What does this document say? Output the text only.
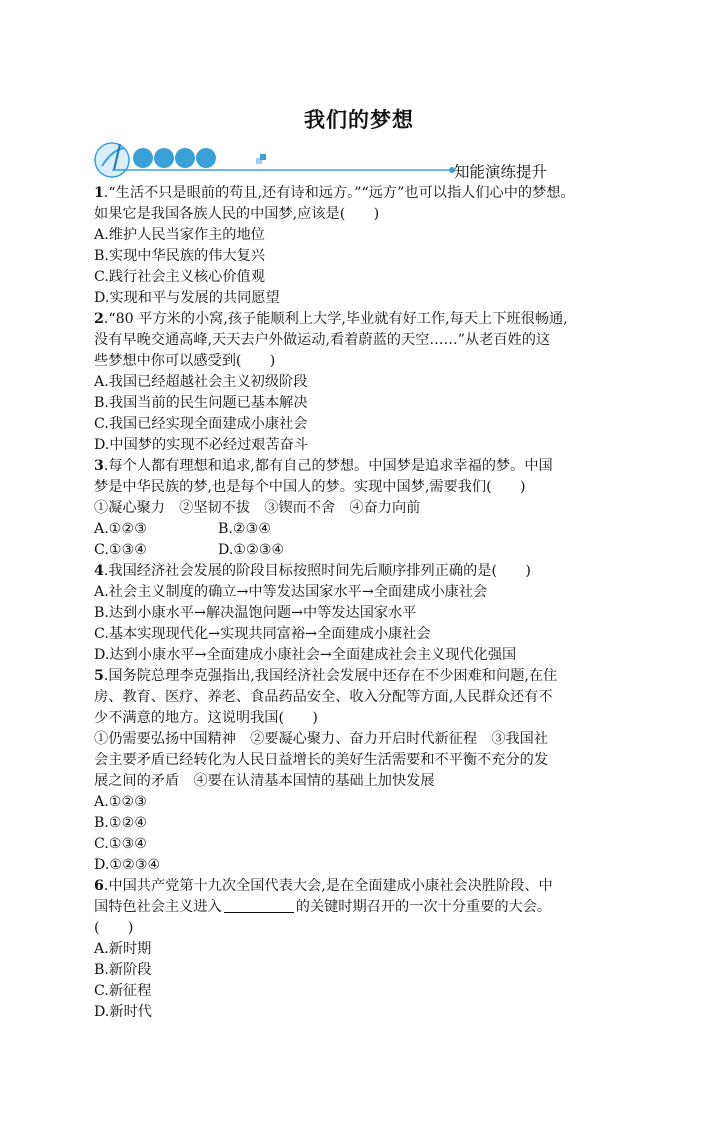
我们的梦想
知能演练提升
1.“生活不只是眼前的苟且,还有诗和远方。”“远方”也可以指人们心中的梦想。
如果它是我国各族人民的中国梦,应该是(　　)
A.维护人民当家作主的地位
B.实现中华民族的伟大复兴
C.践行社会主义核心价值观
D.实现和平与发展的共同愿望
2.“80 平方米的小窝,孩子能顺利上大学,毕业就有好工作,每天上下班很畅通,
没有早晚交通高峰,天天去户外做运动,看着蔚蓝的天空……”从老百姓的这
些梦想中你可以感受到(　　)
A.我国已经超越社会主义初级阶段
B.我国当前的民生问题已基本解决
C.我国已经实现全面建成小康社会
D.中国梦的实现不必经过艰苦奋斗
3.每个人都有理想和追求,都有自己的梦想。中国梦是追求幸福的梦。中国
梦是中华民族的梦,也是每个中国人的梦。实现中国梦,需要我们(　　)
①凝心聚力　②坚韧不拔　③锲而不舍　④奋力向前
A.①②③	B.②③④
C.①③④	D.①②③④
4.我国经济社会发展的阶段目标按照时间先后顺序排列正确的是(　　)
A.社会主义制度的确立→中等发达国家水平→全面建成小康社会
B.达到小康水平→解决温饱问题→中等发达国家水平
C.基本实现现代化→实现共同富裕→全面建成小康社会
D.达到小康水平→全面建成小康社会→全面建成社会主义现代化强国
5.国务院总理李克强指出,我国经济社会发展中还存在不少困难和问题,在住
房、教育、医疗、养老、食品药品安全、收入分配等方面,人民群众还有不
少不满意的地方。这说明我国(　　)
①仍需要弘扬中国精神　②要凝心聚力、奋力开启时代新征程　③我国社
会主要矛盾已经转化为人民日益增长的美好生活需要和不平衡不充分的发
展之间的矛盾　④要在认清基本国情的基础上加快发展
A.①②③
B.①②④
C.①③④
D.①②③④
6.中国共产党第十九次全国代表大会,是在全面建成小康社会决胜阶段、中
国特色社会主义进入	的关键时期召开的一次十分重要的大会。
(　　)
A.新时期
B.新阶段
C.新征程
D.新时代
